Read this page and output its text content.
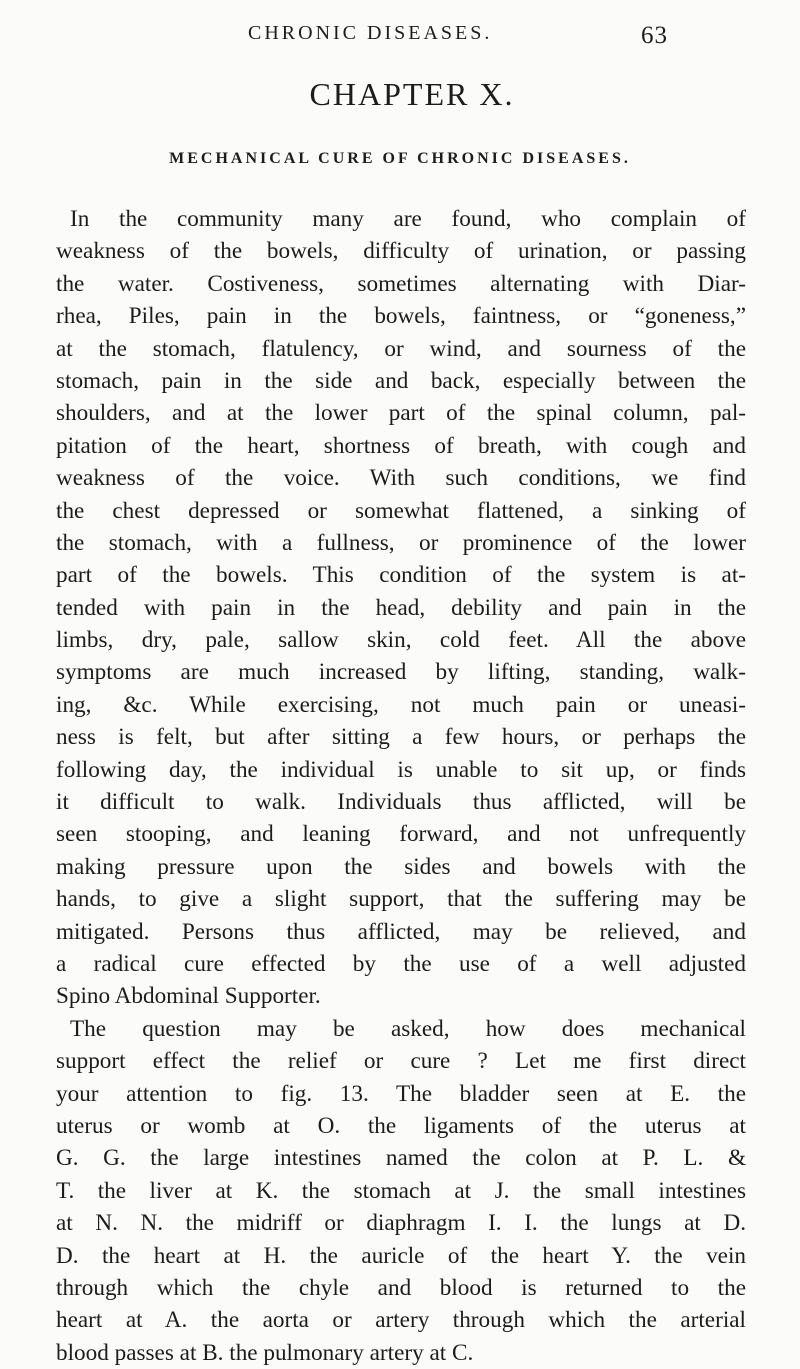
CHRONIC DISEASES.	63
CHAPTER X.
MECHANICAL CURE OF CHRONIC DISEASES.
In the community many are found, who complain of
weakness of the bowels, difficulty of urination, or passing
the water. Costiveness, sometimes alternating with Diar-
rhea, Piles, pain in the bowels, faintness, or “goneness,”
at the stomach, flatulency, or wind, and sourness of the
stomach, pain in the side and back, especially between the
shoulders, and at the lower part of the spinal column, pal-
pitation of the heart, shortness of breath, with cough and
weakness of the voice. With such conditions, we find
the chest depressed or somewhat flattened, a sinking of
the stomach, with a fullness, or prominence of the lower
part of the bowels. This condition of the system is at-
tended with pain in the head, debility and pain in the
limbs, dry, pale, sallow skin, cold feet. All the above
symptoms are much increased by lifting, standing, walk-
ing, &c. While exercising, not much pain or uneasi-
ness is felt, but after sitting a few hours, or perhaps the
following day, the individual is unable to sit up, or finds
it difficult to walk. Individuals thus afflicted, will be
seen stooping, and leaning forward, and not unfrequently
making pressure upon the sides and bowels with the
hands, to give a slight support, that the suffering may be
mitigated. Persons thus afflicted, may be relieved, and
a radical cure effected by the use of a well adjusted
Spino Abdominal Supporter.
The question may be asked, how does mechanical
support effect the relief or cure ? Let me first direct
your attention to fig. 13. The bladder seen at E. the
uterus or womb at O. the ligaments of the uterus at
G. G. the large intestines named the colon at P. L. &
T. the liver at K. the stomach at J. the small intestines
at N. N. the midriff or diaphragm I. I. the lungs at D.
D. the heart at H. the auricle of the heart Y. the vein
through which the chyle and blood is returned to the
heart at A. the aorta or artery through which the arterial
blood passes at B. the pulmonary artery at C.
